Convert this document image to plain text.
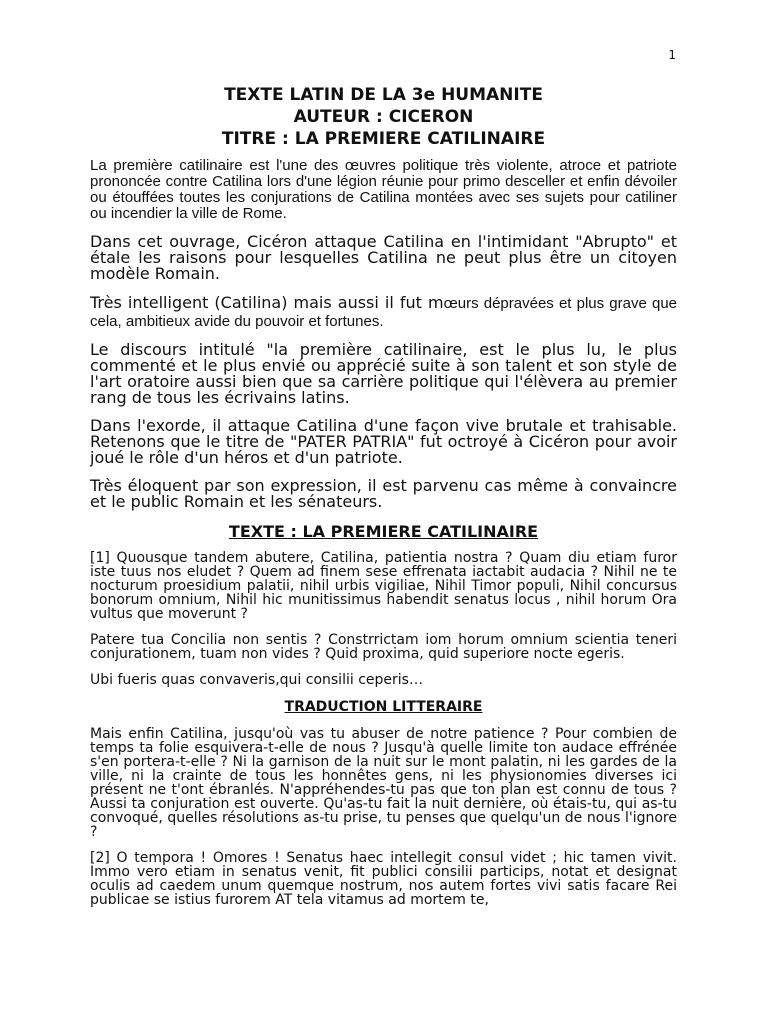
1
TEXTE LATIN DE LA 3e HUMANITE
AUTEUR : CICERON
TITRE : LA PREMIERE CATILINAIRE

La première catilinaire est l'une des œuvres politique très violente, atroce et patriote prononcée contre Catilina lors d'une légion réunie pour primo desceller et enfin dévoiler ou étouffées toutes les conjurations de Catilina montées avec ses sujets pour catiliner ou incendier la ville de Rome.

Dans cet ouvrage, Cicéron attaque Catilina en l'intimidant "Abrupto" et étale les raisons pour lesquelles Catilina ne peut plus être un citoyen modèle Romain.

Très intelligent (Catilina) mais aussi il fut mœurs dépravées et plus grave que cela, ambitieux avide du pouvoir et fortunes.

Le discours intitulé "la première catilinaire, est le plus lu, le plus commenté et le plus envié ou apprécié suite à son talent et son style de l'art oratoire aussi bien que sa carrière politique qui l'élèvera au premier rang de tous les écrivains latins.

Dans l'exorde, il attaque Catilina d'une façon vive brutale et trahisable. Retenons que le titre de "PATER PATRIA" fut octroyé à Cicéron pour avoir joué le rôle d'un héros et d'un patriote.

Très éloquent par son expression, il est parvenu cas même à convaincre et le public Romain et les sénateurs.

TEXTE : LA PREMIERE CATILINAIRE

[1] Quousque tandem abutere, Catilina, patientia nostra ? Quam diu etiam furor iste tuus nos eludet ? Quem ad finem sese effrenata iactabit audacia ? Nihil ne te nocturum proesidium palatii, nihil urbis vigiliae, Nihil Timor populi, Nihil concursus bonorum omnium, Nihil hic munitissimus habendit senatus locus , nihil horum Ora vultus que moverunt ?

Patere tua Concilia non sentis ? Constrrictam iom horum omnium scientia teneri conjurationem, tuam non vides ? Quid proxima, quid superiore nocte egeris.

Ubi fueris quas convaveris,qui consilii ceperis…

TRADUCTION LITTERAIRE

Mais enfin Catilina, jusqu'où vas tu abuser de notre patience ? Pour combien de temps ta folie esquivera-t-elle de nous ? Jusqu'à quelle limite ton audace effrénée s'en portera-t-elle ? Ni la garnison de la nuit sur le mont palatin, ni les gardes de la ville, ni la crainte de tous les honnêtes gens, ni les physionomies diverses ici présent ne t'ont ébranlés. N'appréhendes-tu pas que ton plan est connu de tous ? Aussi ta conjuration est ouverte. Qu'as-tu fait la nuit dernière, où étais-tu, qui as-tu convoqué, quelles résolutions as-tu prise, tu penses que quelqu'un de nous l'ignore ?

[2] O tempora ! Omores ! Senatus haec intellegit consul videt ; hic tamen vivit. Immo vero etiam in senatus venit, fit publici consilii particips, notat et designat oculis ad caedem unum quemque nostrum, nos autem fortes vivi satis facare Rei publicae se istius furorem AT tela vitamus ad mortem te,
